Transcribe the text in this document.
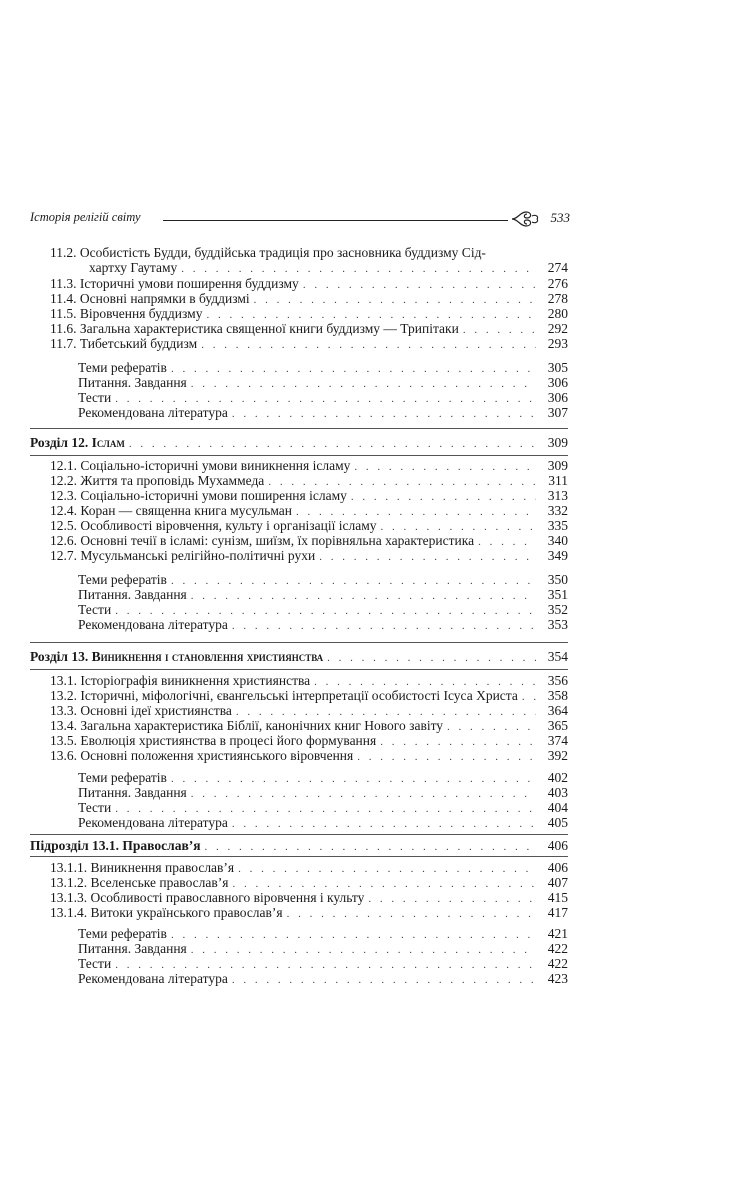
Історія релігій світу	533
11.2. Особистість Будди, буддійська традиція про засновника буддизму Сід-
хартху Гаутаму . . .	274
11.3. Історичні умови поширення буддизму . . .	276
11.4. Основні напрямки в буддизмі . . .	278
11.5. Віровчення буддизму . . .	280
11.6. Загальна характеристика священної книги буддизму — Трипітаки . . .	292
11.7. Тибетський буддизм . . .	293
Теми рефератів . . .	305
Питання. Завдання . . .	306
Тести . . .	306
Рекомендована література . . .	307
Розділ 12. Іслам . . .	309
12.1. Соціально-історичні умови виникнення ісламу . . .	309
12.2. Життя та проповідь Мухаммеда . . .	311
12.3. Соціально-історичні умови поширення ісламу . . .	313
12.4. Коран — священна книга мусульман . . .	332
12.5. Особливості віровчення, культу і організації ісламу . . .	335
12.6. Основні течії в ісламі: сунізм, шиїзм, їх порівняльна характеристика . . .	340
12.7. Мусульманські релігійно-політичні рухи . . .	349
Теми рефератів . . .	350
Питання. Завдання . . .	351
Тести . . .	352
Рекомендована література . . .	353
Розділ 13. Виникнення і становлення християнства . . .	354
13.1. Історіографія виникнення християнства . . .	356
13.2. Історичні, міфологічні, євангельські інтерпретації особистості Ісуса Христа . . .	358
13.3. Основні ідеї християнства . . .	364
13.4. Загальна характеристика Біблії, канонічних книг Нового завіту . . .	365
13.5. Еволюція християнства в процесі його формування . . .	374
13.6. Основні положення християнського віровчення . . .	392
Теми рефератів . . .	402
Питання. Завдання . . .	403
Тести . . .	404
Рекомендована література . . .	405
Підрозділ 13.1. Православ’я . . .	406
13.1.1. Виникнення православ’я . . .	406
13.1.2. Вселенське православ’я . . .	407
13.1.3. Особливості православного віровчення і культу . . .	415
13.1.4. Витоки українського православ’я . . .	417
Теми рефератів . . .	421
Питання. Завдання . . .	422
Тести . . .	422
Рекомендована література . . .	423
